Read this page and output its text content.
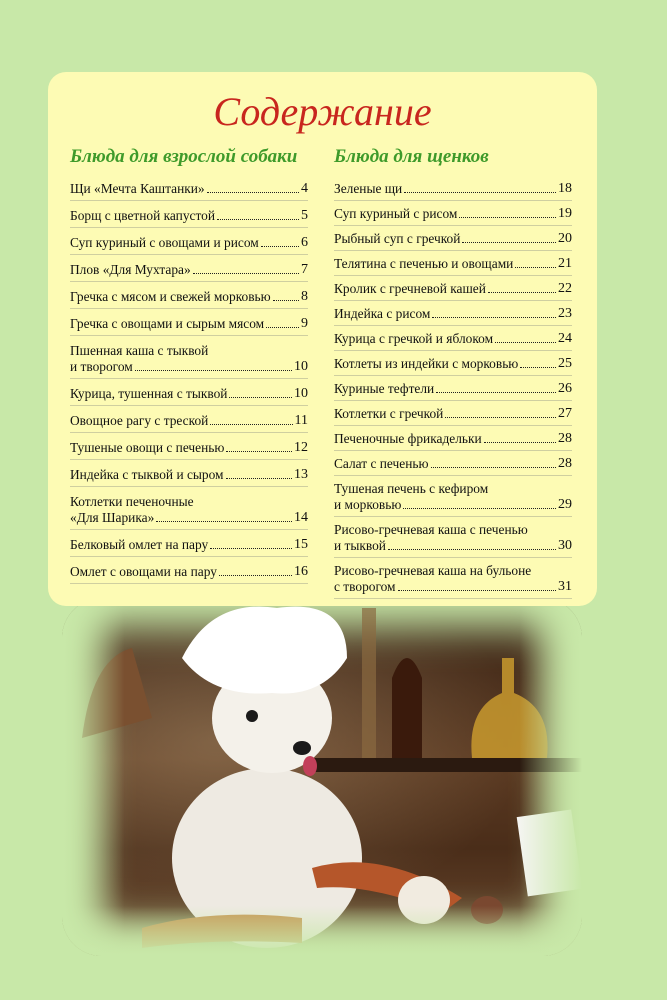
Содержание
Блюда для взрослой собаки
Щи «Мечта Каштанки»	4
Борщ с цветной капустой	5
Суп куриный с овощами и рисом	6
Плов «Для Мухтара»	7
Гречка с мясом и свежей морковью 8
Гречка с овощами и сырым мясом	9
Пшенная каша с тыквой
и творогом	10
Курица, тушенная с тыквой	10
Овощное рагу с треской	11
Тушеные овощи с печенью	12
Индейка с тыквой и сыром	13
Котлетки печеночные
«Для Шарика»	14
Белковый омлет на пару	15
Омлет с овощами на пару	16
Блюда для щенков
Зеленые щи	18
Суп куриный с рисом	19
Рыбный суп с гречкой	20
Телятина с печенью и овощами	21
Кролик с гречневой кашей	22
Индейка с рисом	23
Курица с гречкой и яблоком	24
Котлеты из индейки с морковью	25
Куриные тефтели	26
Котлетки с гречкой	27
Печеночные фрикадельки	28
Салат с печенью	28
Тушеная печень с кефиром
и морковью	29
Рисово-гречневая каша с печенью
и тыквой	30
Рисово-гречневая каша на бульоне
с творогом	31
